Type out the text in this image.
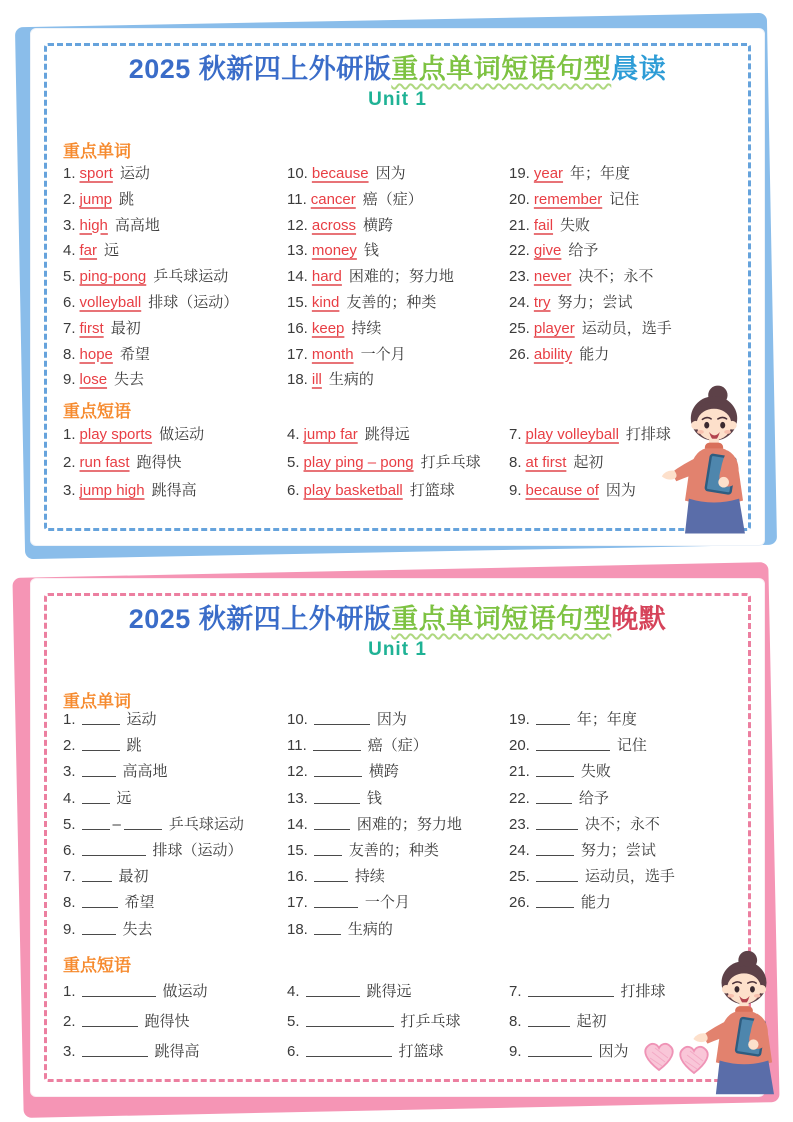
2025 秋新四上外研版重点单词短语句型晨读
Unit 1
重点单词
1. sport 运动
2. jump 跳
3. high 高高地
4. far 远
5. ping-pong 乒乓球运动
6. volleyball 排球（运动）
7. first 最初
8. hope 希望
9. lose 失去
10. because 因为
11. cancer 癌（症）
12. across 横跨
13. money 钱
14. hard 困难的；努力地
15. kind 友善的；种类
16. keep 持续
17. month 一个月
18. ill 生病的
19. year 年；年度
20. remember 记住
21. fail 失败
22. give 给予
23. never 决不；永不
24. try 努力；尝试
25. player 运动员，选手
26. ability 能力
重点短语
1. play sports 做运动
2. run fast 跑得快
3. jump high 跳得高
4. jump far 跳得远
5. play ping – pong 打乒乓球
6. play basketball 打篮球
7. play volleyball 打排球
8. at first 起初
9. because of 因为
2025 秋新四上外研版重点单词短语句型晚默
Unit 1
重点单词
1.	运动
2.	跳
3.	高高地
4.	远
5. –	乒乓球运动
6.	排球（运动）
7.	最初
8.	希望
9.	失去
10.	因为
11.	癌（症）
12.	横跨
13.	钱
14.	困难的；努力地
15.	友善的；种类
16.	持续
17.	一个月
18.	生病的
19.	年；年度
20.	记住
21.	失败
22.	给予
23.	决不；永不
24.	努力；尝试
25.	运动员，选手
26.	能力
重点短语
1.	做运动
2.	跑得快
3.	跳得高
4.	跳得远
5.	打乒乓球
6.	打篮球
7.	打排球
8.	起初
9.	因为
